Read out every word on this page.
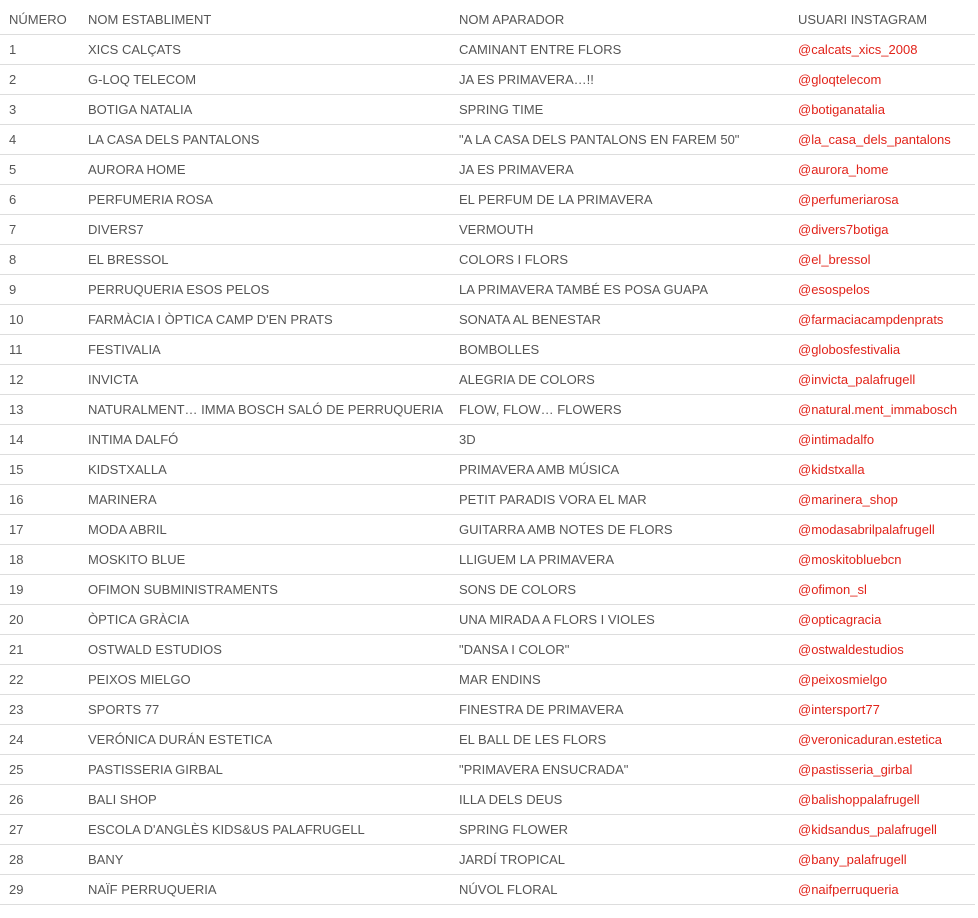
NÚMERO	NOM ESTABLIMENT	NOM APARADOR	USUARI INSTAGRAM
1	XICS CALÇATS	CAMINANT ENTRE FLORS	@calcats_xics_2008
2	G-LOQ TELECOM	JA ES PRIMAVERA…!!	@gloqtelecom
3	BOTIGA NATALIA	SPRING TIME	@botiganatalia
4	LA CASA DELS PANTALONS	"A LA CASA DELS PANTALONS EN FAREM 50"	@la_casa_dels_pantalons
5	AURORA HOME	JA ES PRIMAVERA	@aurora_home
6	PERFUMERIA ROSA	EL PERFUM DE LA PRIMAVERA	@perfumeriarosa
7	DIVERS7	VERMOUTH	@divers7botiga
8	EL BRESSOL	COLORS I FLORS	@el_bressol
9	PERRUQUERIA ESOS PELOS	LA PRIMAVERA TAMBÉ ES POSA GUAPA	@esospelos
10	FARMÀCIA I ÒPTICA CAMP D'EN PRATS	SONATA AL BENESTAR	@farmaciacampdenprats
11	FESTIVALIA	BOMBOLLES	@globosfestivalia
12	INVICTA	ALEGRIA DE COLORS	@invicta_palafrugell
13	NATURALMENT… IMMA BOSCH SALÓ DE PERRUQUERIA	FLOW, FLOW… FLOWERS	@natural.ment_immabosch
14	INTIMA DALFÓ	3D	@intimadalfo
15	KIDSTXALLA	PRIMAVERA AMB MÚSICA	@kidstxalla
16	MARINERA	PETIT PARADIS VORA EL MAR	@marinera_shop
17	MODA ABRIL	GUITARRA AMB NOTES DE FLORS	@modasabrilpalafrugell
18	MOSKITO BLUE	LLIGUEM LA PRIMAVERA	@moskitobluebcn
19	OFIMON SUBMINISTRAMENTS	SONS DE COLORS	@ofimon_sl
20	ÒPTICA GRÀCIA	UNA MIRADA A FLORS I VIOLES	@opticagracia
21	OSTWALD ESTUDIOS	"DANSA I COLOR"	@ostwaldestudios
22	PEIXOS MIELGO	MAR ENDINS	@peixosmielgo
23	SPORTS 77	FINESTRA DE PRIMAVERA	@intersport77
24	VERÓNICA DURÁN ESTETICA	EL BALL DE LES FLORS	@veronicaduran.estetica
25	PASTISSERIA GIRBAL	"PRIMAVERA ENSUCRADA"	@pastisseria_girbal
26	BALI SHOP	ILLA DELS DEUS	@balishoppalafrugell
27	ESCOLA D'ANGLÈS KIDS&US PALAFRUGELL	SPRING FLOWER	@kidsandus_palafrugell
28	BANY	JARDÍ TROPICAL	@bany_palafrugell
29	NAÏF PERRUQUERIA	NÚVOL FLORAL	@naifperruqueria
